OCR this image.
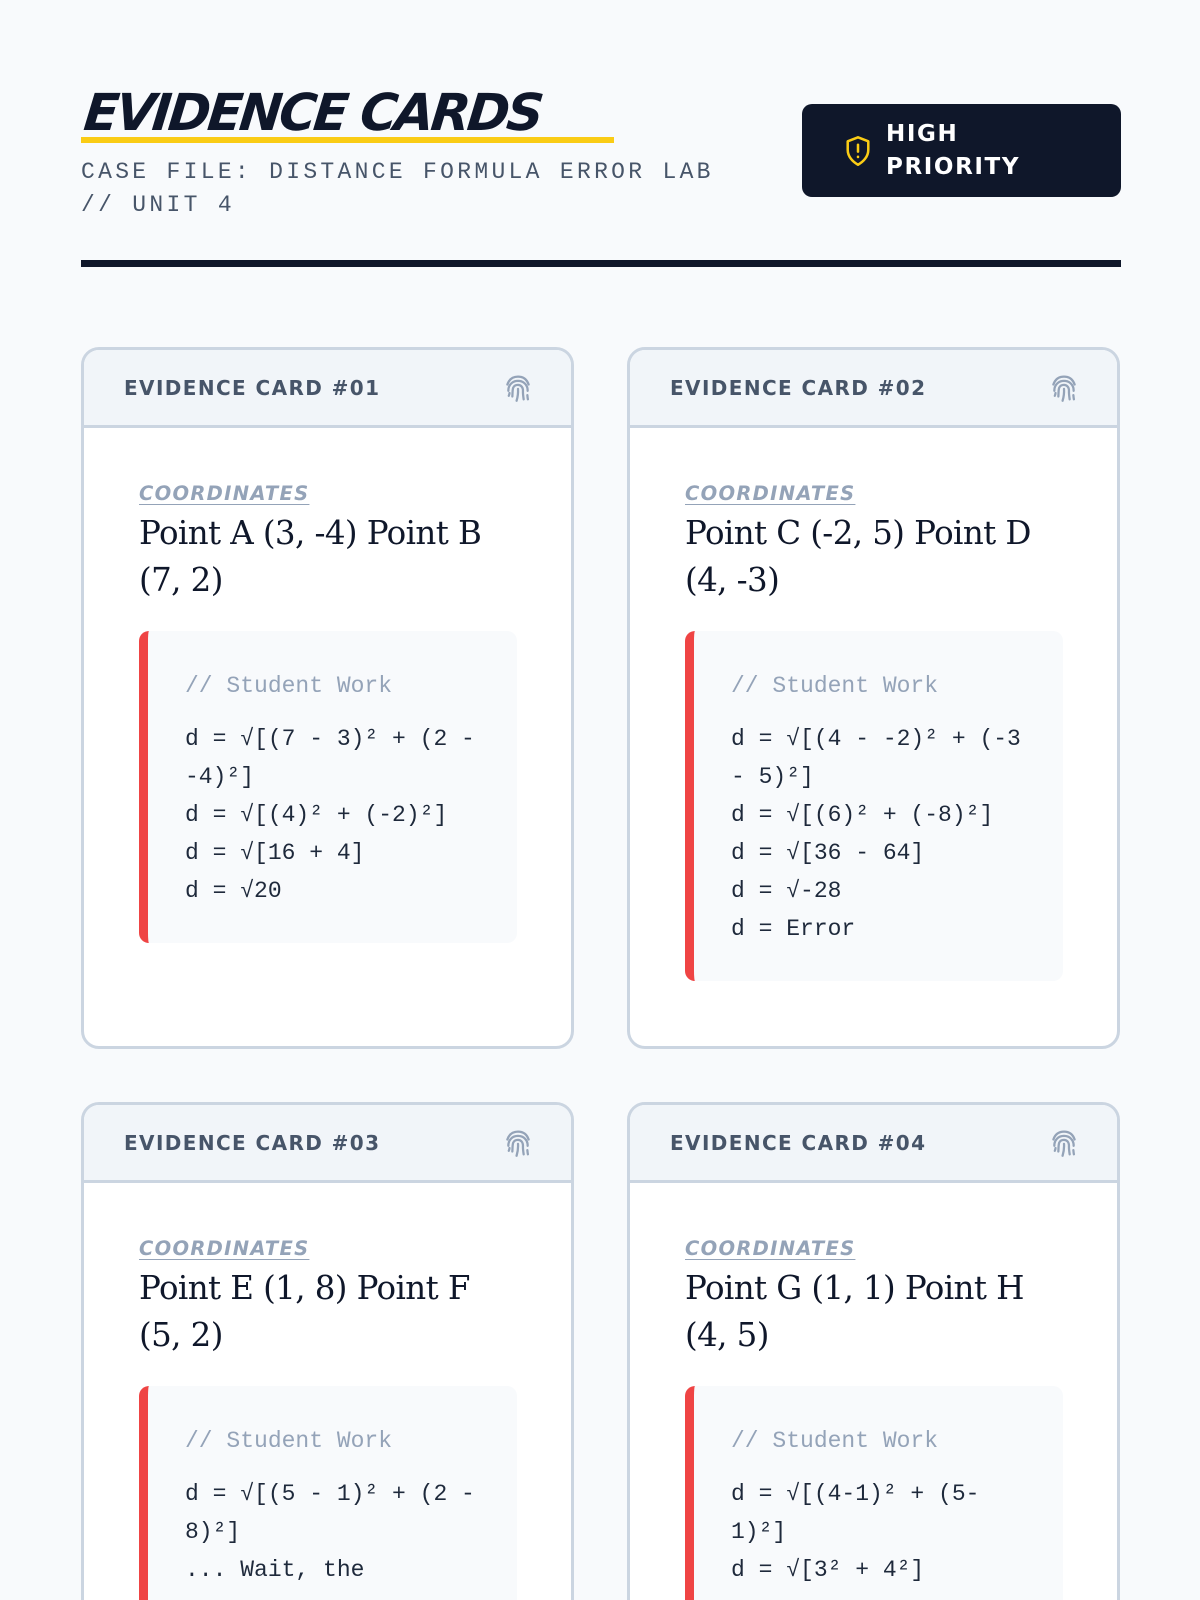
EVIDENCE CARDS
CASE FILE: DISTANCE FORMULA ERROR LAB // UNIT 4
HIGH PRIORITY
EVIDENCE CARD #01
COORDINATES
Point A (3, -4) Point B (7, 2)
// Student Work
d = √[(7 - 3)² + (2 - -4)²]
d = √[(4)² + (-2)²]
d = √[16 + 4]
d = √20
EVIDENCE CARD #02
COORDINATES
Point C (-2, 5) Point D (4, -3)
// Student Work
d = √[(4 - -2)² + (-3 - 5)²]
d = √[(6)² + (-8)²]
d = √[36 - 64]
d = √-28
d = Error
EVIDENCE CARD #03
COORDINATES
Point E (1, 8) Point F (5, 2)
// Student Work
d = √[(5 - 1)² + (2 - 8)²]
... Wait, the
EVIDENCE CARD #04
COORDINATES
Point G (1, 1) Point H (4, 5)
// Student Work
d = √[(4-1)² + (5-1)²]
d = √[3² + 4²]
